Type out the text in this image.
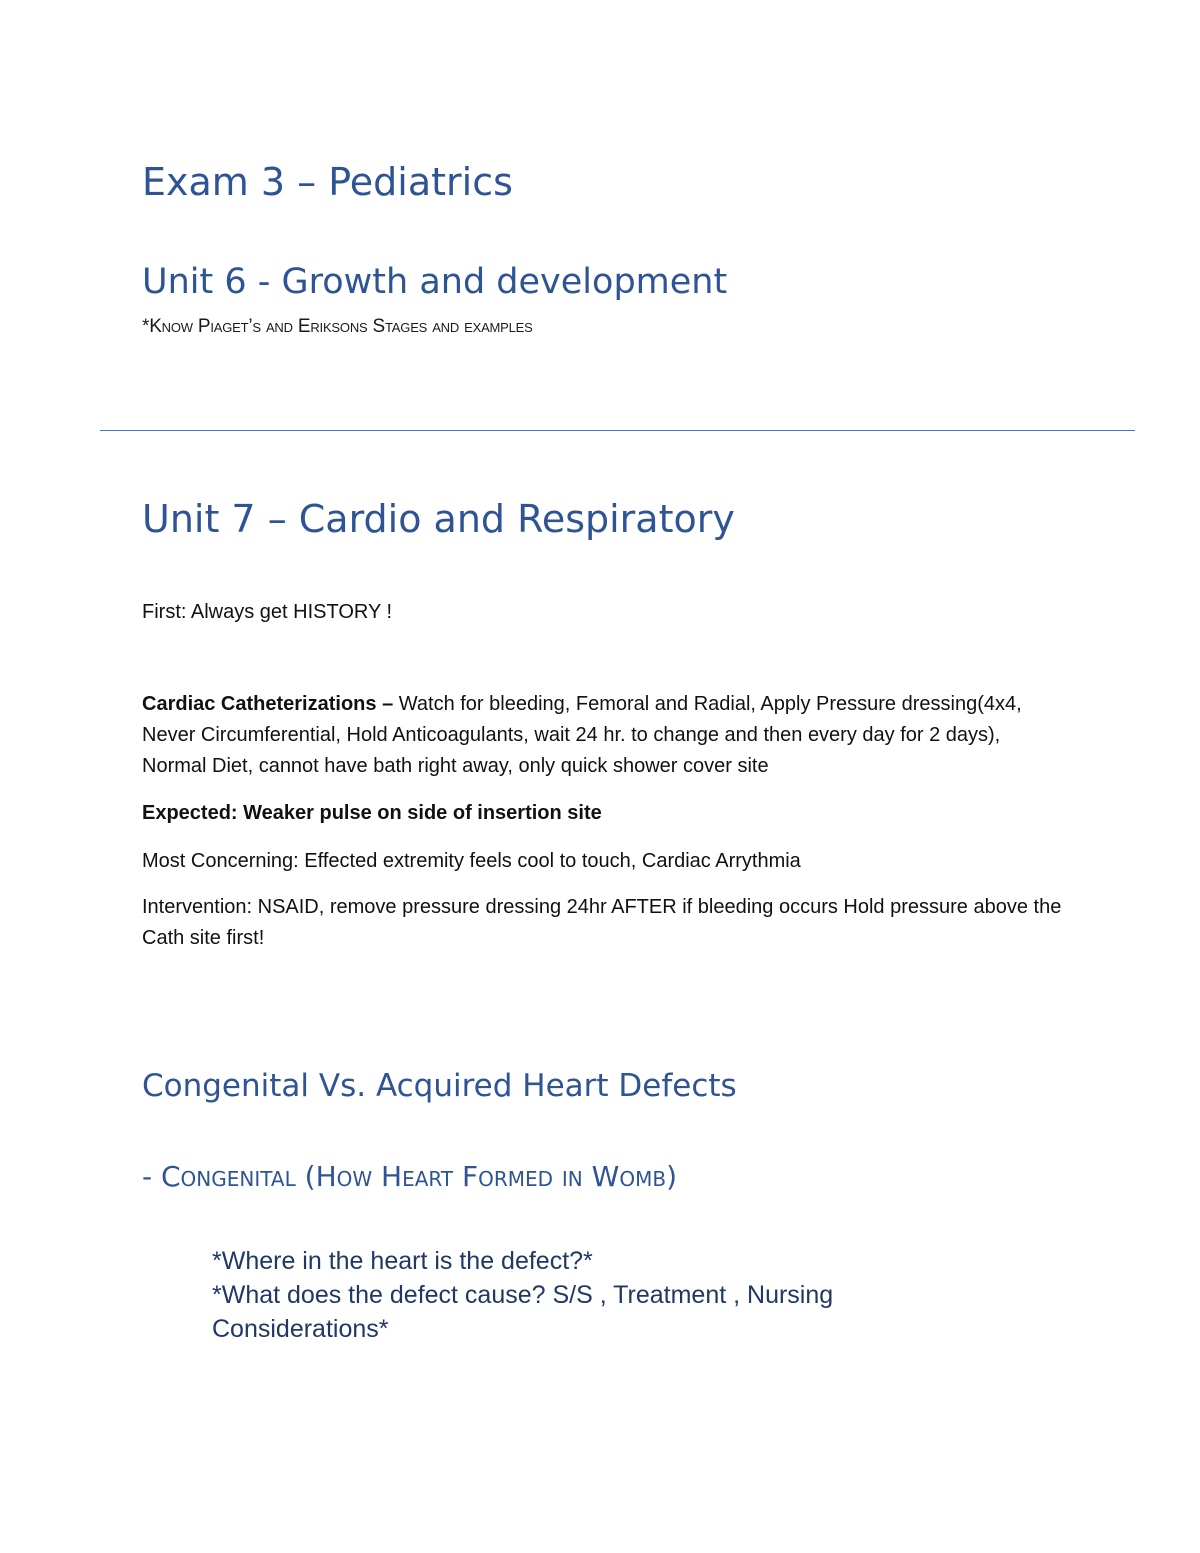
Exam 3 – Pediatrics
Unit 6 - Growth and development
*Know Piaget’s and Eriksons Stages and examples
Unit 7 – Cardio and Respiratory
First: Always get HISTORY !
Cardiac Catheterizations – Watch for bleeding, Femoral and Radial, Apply Pressure dressing(4x4, Never Circumferential, Hold Anticoagulants, wait 24 hr. to change and then every day for 2 days), Normal Diet, cannot have bath right away, only quick shower cover site
Expected: Weaker pulse on side of insertion site
Most Concerning: Effected extremity feels cool to touch, Cardiac Arrythmia
Intervention: NSAID, remove pressure dressing 24hr AFTER if bleeding occurs Hold pressure above the Cath site first!
Congenital Vs. Acquired Heart Defects
- Congenital (How Heart Formed in Womb)
*Where in the heart is the defect?*
*What does the defect cause? S/S , Treatment , Nursing Considerations*
